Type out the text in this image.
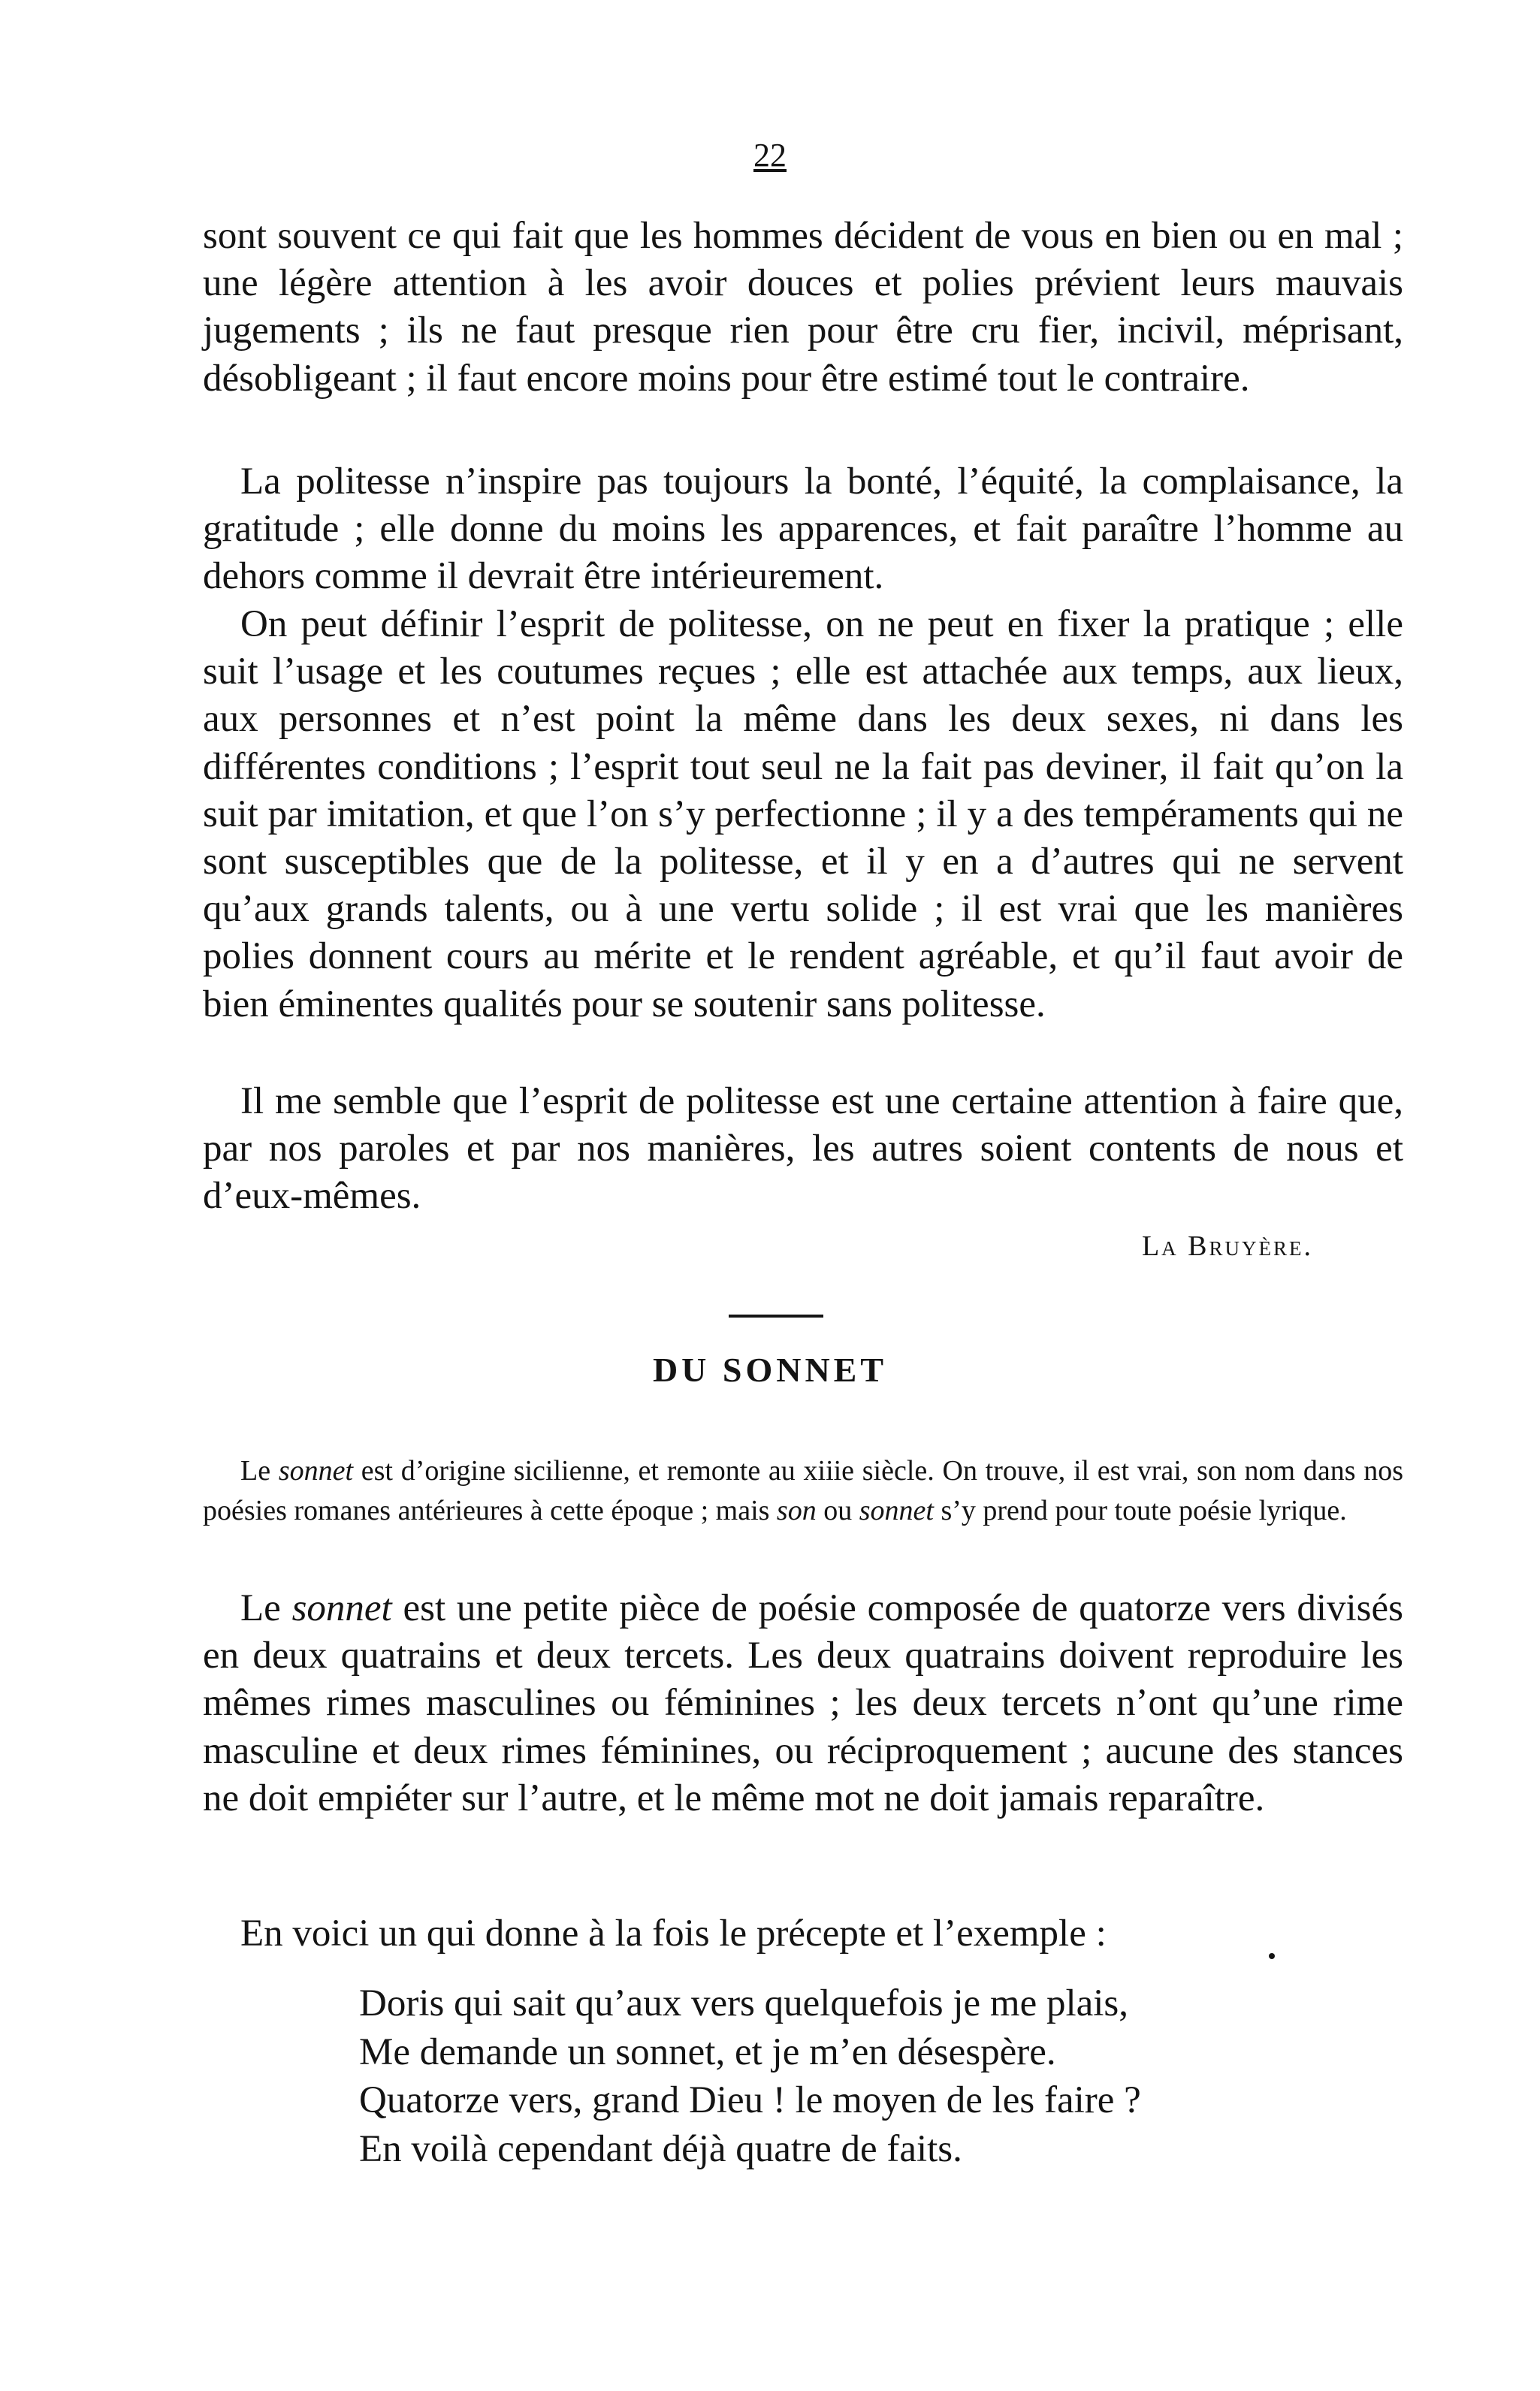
22

sont souvent ce qui fait que les hommes décident de vous en bien ou en mal ; une légère attention à les avoir douces et polies prévient leurs mauvais jugements ; ils ne faut presque rien pour être cru fier, incivil, méprisant, désobligeant ; il faut encore moins pour être estimé tout le contraire.

La politesse n’inspire pas toujours la bonté, l’équité, la complaisance, la gratitude ; elle donne du moins les apparences, et fait paraître l’homme au dehors comme il devrait être intérieurement.

On peut définir l’esprit de politesse, on ne peut en fixer la pratique ; elle suit l’usage et les coutumes reçues ; elle est attachée aux temps, aux lieux, aux personnes et n’est point la même dans les deux sexes, ni dans les différentes conditions ; l’esprit tout seul ne la fait pas deviner, il fait qu’on la suit par imitation, et que l’on s’y perfectionne ; il y a des tempéraments qui ne sont susceptibles que de la politesse, et il y en a d’autres qui ne servent qu’aux grands talents, ou à une vertu solide ; il est vrai que les manières polies donnent cours au mérite et le rendent agréable, et qu’il faut avoir de bien éminentes qualités pour se soutenir sans politesse.

Il me semble que l’esprit de politesse est une certaine attention à faire que, par nos paroles et par nos manières, les autres soient contents de nous et d’eux-mêmes.

La Bruyère.
DU SONNET

Le sonnet est d’origine sicilienne, et remonte au xiiie siècle. On trouve, il est vrai, son nom dans nos poésies romanes antérieures à cette époque ; mais son ou sonnet s’y prend pour toute poésie lyrique.

Le sonnet est une petite pièce de poésie composée de quatorze vers divisés en deux quatrains et deux tercets. Les deux quatrains doivent reproduire les mêmes rimes masculines ou féminines ; les deux tercets n’ont qu’une rime masculine et deux rimes féminines, ou réciproquement ; aucune des stances ne doit empiéter sur l’autre, et le même mot ne doit jamais reparaître.

En voici un qui donne à la fois le précepte et l’exemple :

Doris qui sait qu’aux vers quelquefois je me plais,
Me demande un sonnet, et je m’en désespère.
Quatorze vers, grand Dieu ! le moyen de les faire ?
En voilà cependant déjà quatre de faits.
